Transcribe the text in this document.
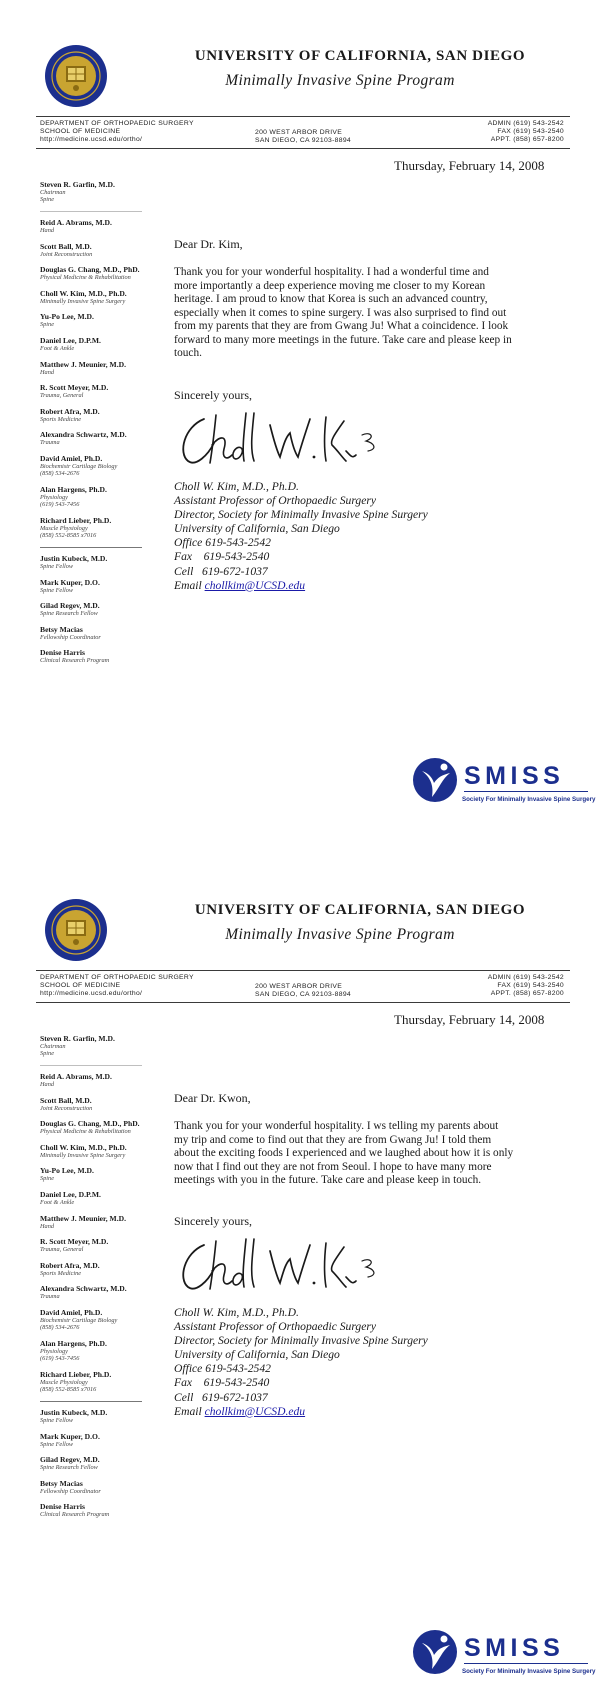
UNIVERSITY OF CALIFORNIA, SAN DIEGO
Minimally Invasive Spine Program
DEPARTMENT OF ORTHOPAEDIC SURGERY
SCHOOL OF MEDICINE
http://medicine.ucsd.edu/ortho/
200 WEST ARBOR DRIVE
SAN DIEGO, CA 92103-8894
ADMIN (619) 543-2542
FAX (619) 543-2540
APPT. (858) 657-8200
Thursday, February 14, 2008
Steven R. Garfin, M.D.
Chairman
Spine
Reid A. Abrams, M.D.
Hand
Scott Ball, M.D.
Joint Reconstruction
Douglas G. Chang, M.D., PhD.
Physical Medicine & Rehabilitation
Choll W. Kim, M.D., Ph.D.
Minimally Invasive Spine Surgery
Yu-Po Lee, M.D.
Spine
Daniel Lee, D.P.M.
Foot & Ankle
Matthew J. Meunier, M.D.
Hand
R. Scott Meyer, M.D.
Trauma, General
Robert Afra, M.D.
Sports Medicine
Alexandra Schwartz, M.D.
Trauma
David Amiel, Ph.D.
Biochemistr Cartilage Biology
(858) 534-2676
Alan Hargens, Ph.D.
Physiology
(619) 543-7456
Richard Lieber, Ph.D.
Muscle Physiology
(858) 552-8585 x7016
Justin Kubeck, M.D.
Spine Fellow
Mark Kuper, D.O.
Spine Fellow
Gilad Regev, M.D.
Spine Research Fellow
Betsy Macias
Fellowship Coordinator
Denise Harris
Clinical Research Program
Dear Dr. Kim,
Thank you for your wonderful hospitality. I had a wonderful time and
more importantly a deep experience moving me closer to my Korean
heritage. I am proud to know that Korea is such an advanced country,
especially when it comes to spine surgery. I was also surprised to find out
from my parents that they are from Gwang Ju! What a coincidence. I look
forward to many more meetings in the future. Take care and please keep in
touch.
Sincerely yours,
Choll W. Kim, M.D., Ph.D.
Assistant Professor of Orthopaedic Surgery
Director, Society for Minimally Invasive Spine Surgery
University of California, San Diego
Office 619-543-2542
Fax    619-543-2540
Cell   619-672-1037
Email chollkim@UCSD.edu
SMISS
Society For Minimally Invasive Spine Surgery
UNIVERSITY OF CALIFORNIA, SAN DIEGO
Minimally Invasive Spine Program
DEPARTMENT OF ORTHOPAEDIC SURGERY
SCHOOL OF MEDICINE
http://medicine.ucsd.edu/ortho/
200 WEST ARBOR DRIVE
SAN DIEGO, CA 92103-8894
ADMIN (619) 543-2542
FAX (619) 543-2540
APPT. (858) 657-8200
Thursday, February 14, 2008
Steven R. Garfin, M.D.
Chairman
Spine
Reid A. Abrams, M.D.
Hand
Scott Ball, M.D.
Joint Reconstruction
Douglas G. Chang, M.D., PhD.
Physical Medicine & Rehabilitation
Choll W. Kim, M.D., Ph.D.
Minimally Invasive Spine Surgery
Yu-Po Lee, M.D.
Spine
Daniel Lee, D.P.M.
Foot & Ankle
Matthew J. Meunier, M.D.
Hand
R. Scott Meyer, M.D.
Trauma, General
Robert Afra, M.D.
Sports Medicine
Alexandra Schwartz, M.D.
Trauma
David Amiel, Ph.D.
Biochemistr Cartilage Biology
(858) 534-2676
Alan Hargens, Ph.D.
Physiology
(619) 543-7456
Richard Lieber, Ph.D.
Muscle Physiology
(858) 552-8585 x7016
Justin Kubeck, M.D.
Spine Fellow
Mark Kuper, D.O.
Spine Fellow
Gilad Regev, M.D.
Spine Research Fellow
Betsy Macias
Fellowship Coordinator
Denise Harris
Clinical Research Program
Dear Dr. Kwon,
Thank you for your wonderful hospitality. I ws telling my parents about
my trip and come to find out that they are from Gwang Ju! I told them
about the exciting foods I experienced and we laughed about how it is only
now that I find out they are not from Seoul. I hope to have many more
meetings with you in the future. Take care and please keep in touch.
Sincerely yours,
Choll W. Kim, M.D., Ph.D.
Assistant Professor of Orthopaedic Surgery
Director, Society for Minimally Invasive Spine Surgery
University of California, San Diego
Office 619-543-2542
Fax    619-543-2540
Cell   619-672-1037
Email chollkim@UCSD.edu
SMISS
Society For Minimally Invasive Spine Surgery
